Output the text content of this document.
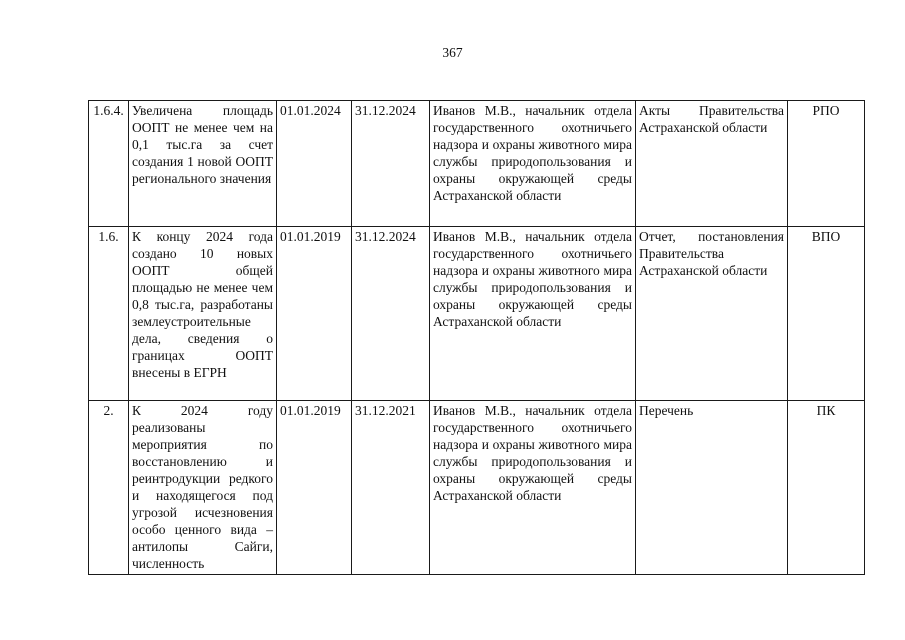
367
1.6.4.	Увеличена площадь ООПТ не менее чем на 0,1 тыс.га за счет создания 1 новой ООПТ регионального значения	01.01.2024	31.12.2024	Иванов М.В., начальник отдела государственного охотничьего надзора и охраны животного мира службы природопользования и охраны окружающей среды Астраханской области	Акты Правительства Астраханской области	РПО
1.6.	К концу 2024 года создано 10 новых ООПТ общей площадью не менее чем 0,8 тыс.га, разработаны землеустроительные дела, сведения о границах ООПТ внесены в ЕГРН	01.01.2019	31.12.2024	Иванов М.В., начальник отдела государственного охотничьего надзора и охраны животного мира службы природопользования и охраны окружающей среды Астраханской области	Отчет, постановления Правительства Астраханской области	ВПО
2.	К 2024 году реализованы мероприятия по восстановлению и реинтродукции редкого и находящегося под угрозой исчезновения особо ценного вида – антилопы Сайги, численность	01.01.2019	31.12.2021	Иванов М.В., начальник отдела государственного охотничьего надзора и охраны животного мира службы природопользования и охраны окружающей среды Астраханской области	Перечень	ПК
